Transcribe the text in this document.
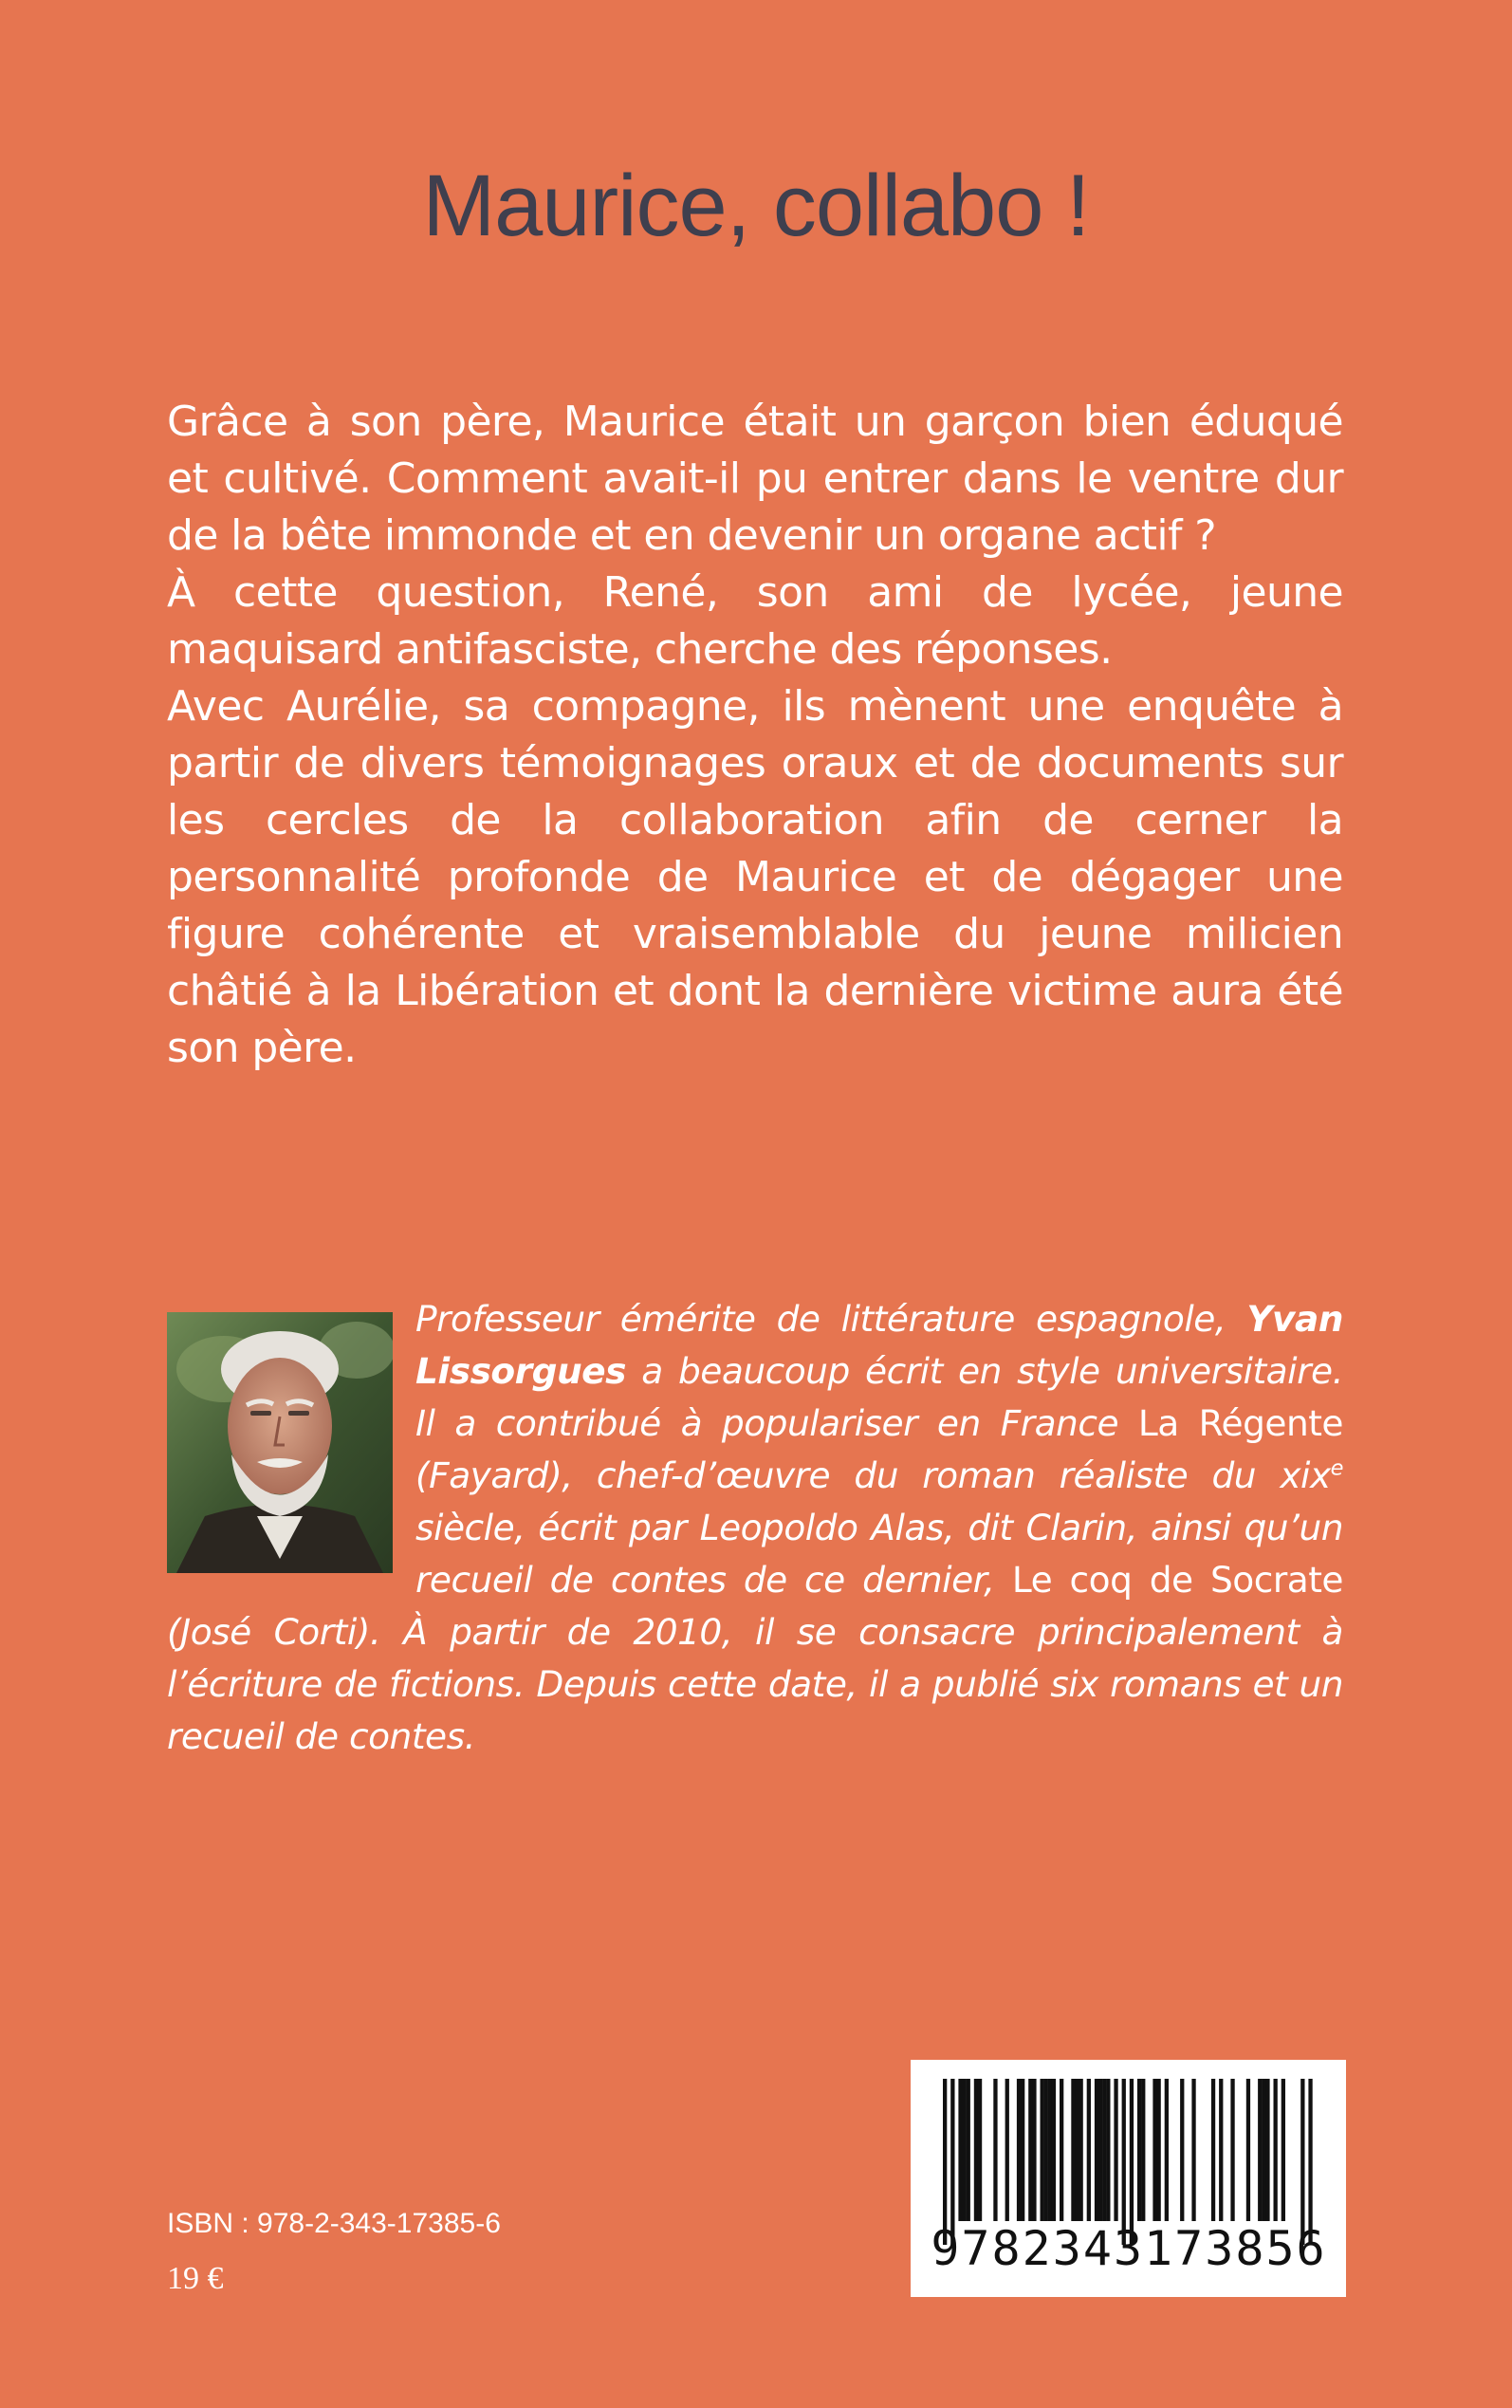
Maurice, collabo !

Grâce à son père, Maurice était un garçon bien éduqué et cultivé. Comment avait-il pu entrer dans le ventre dur de la bête immonde et en devenir un organe actif ?

À cette question, René, son ami de lycée, jeune maquisard antifasciste, cherche des réponses.

Avec Aurélie, sa compagne, ils mènent une enquête à partir de divers témoignages oraux et de documents sur les cercles de la collaboration afin de cerner la personnalité profonde de Maurice et de dégager une figure cohérente et vraisemblable du jeune milicien châtié à la Libération et dont la dernière victime aura été son père.

Professeur émérite de littérature espagnole, Yvan Lissorgues a beaucoup écrit en style universitaire. Il a contribué à populariser en France La Régente (Fayard), chef-d’œuvre du roman réaliste du xix$^e$ siècle, écrit par Leopoldo Alas, dit Clarin, ainsi qu’un recueil de contes de ce dernier, Le coq de Socrate (José Corti). À partir de 2010, il se consacre principalement à l’écriture de fictions. Depuis cette date, il a publié six romans et un recueil de contes.
ISBN : 978-2-343-17385-6
19 €
9782343173856
